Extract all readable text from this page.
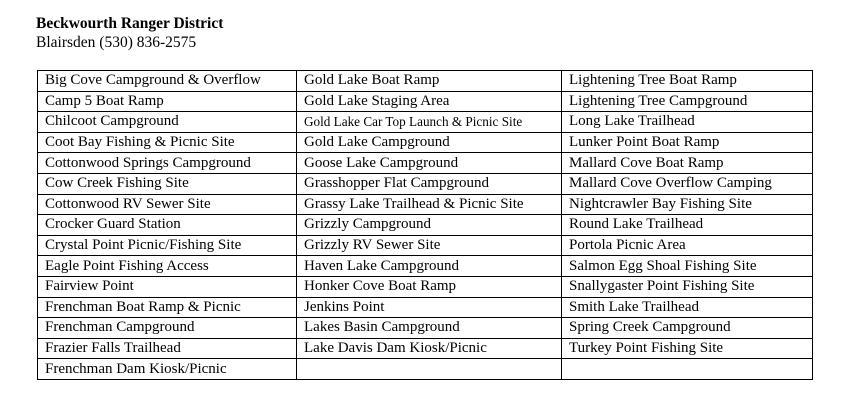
Beckwourth Ranger District

Blairsden (530) 836-2575

Big Cove Campground & Overflow	Gold Lake Boat Ramp	Lightening Tree Boat Ramp
Camp 5 Boat Ramp	Gold Lake Staging Area	Lightening Tree Campground
Chilcoot Campground	Gold Lake Car Top Launch & Picnic Site	Long Lake Trailhead
Coot Bay Fishing & Picnic Site	Gold Lake Campground	Lunker Point Boat Ramp
Cottonwood Springs Campground	Goose Lake Campground	Mallard Cove Boat Ramp
Cow Creek Fishing Site	Grasshopper Flat Campground	Mallard Cove Overflow Camping
Cottonwood RV Sewer Site	Grassy Lake Trailhead & Picnic Site	Nightcrawler Bay Fishing Site
Crocker Guard Station	Grizzly Campground	Round Lake Trailhead
Crystal Point Picnic/Fishing Site	Grizzly RV Sewer Site	Portola Picnic Area
Eagle Point Fishing Access	Haven Lake Campground	Salmon Egg Shoal Fishing Site
Fairview Point	Honker Cove Boat Ramp	Snallygaster Point Fishing Site
Frenchman Boat Ramp & Picnic	Jenkins Point	Smith Lake Trailhead
Frenchman Campground	Lakes Basin Campground	Spring Creek Campground
Frazier Falls Trailhead	Lake Davis Dam Kiosk/Picnic	Turkey Point Fishing Site
Frenchman Dam Kiosk/Picnic		
